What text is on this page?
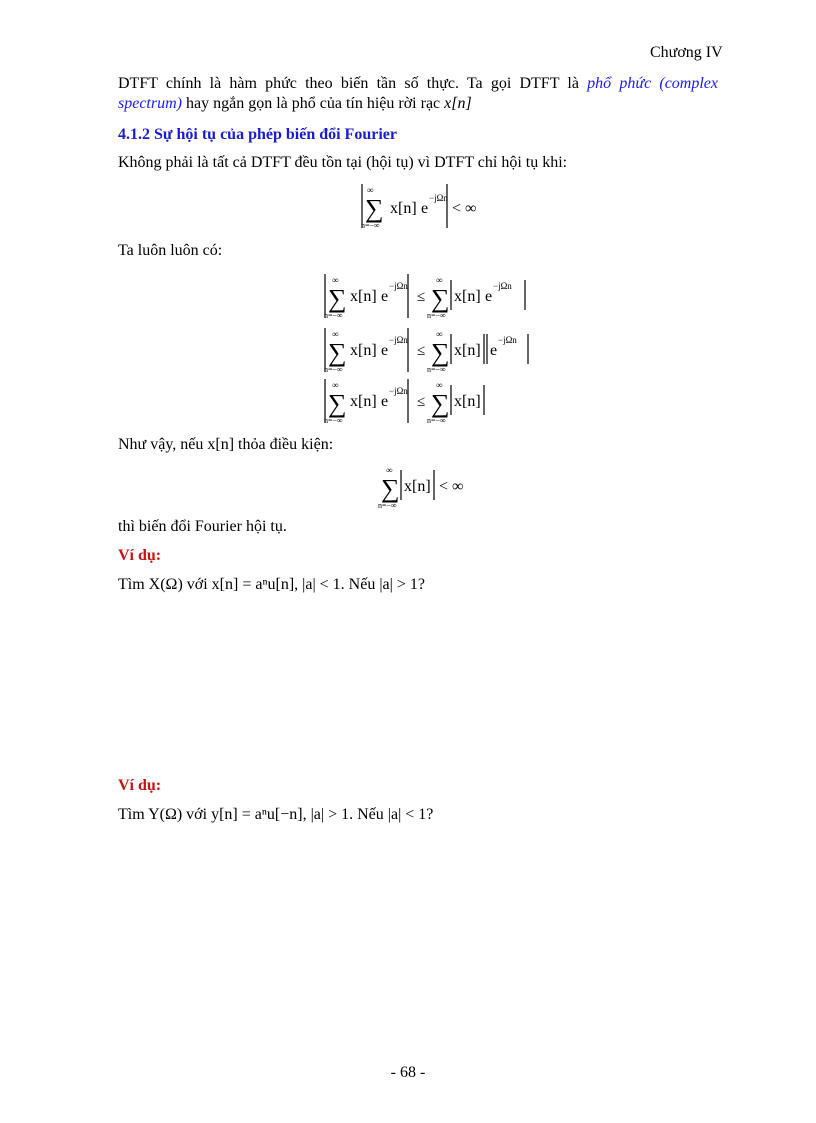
Chương IV
DTFT chính là hàm phức theo biến tần số thực. Ta gọi DTFT là phổ phức (complex spectrum) hay ngắn gọn là phổ của tín hiệu rời rạc x[n]
4.1.2 Sự hội tụ của phép biến đổi Fourier
Không phải là tất cả DTFT đều tồn tại (hội tụ) vì DTFT chỉ hội tụ khi:
∞
∑
n=−∞
x[n] e
−jΩn
< ∞
Ta luôn luôn có:
∞
∑
n=−∞
x[n] e
−jΩn
≤
∞
∑
n=−∞
x[n] e
−jΩn
∞
∑
n=−∞
x[n] e
−jΩn
≤
∞
∑
n=−∞
x[n] e
−jΩn
∞
∑
n=−∞
x[n] e
−jΩn
≤
∞
∑
n=−∞
x[n]
Như vậy, nếu x[n] thỏa điều kiện:
∞
∑
n=−∞
x[n] < ∞
thì biến đổi Fourier hội tụ.
Ví dụ:
Tìm X(Ω) với x[n] = aⁿu[n], |a| < 1. Nếu |a| > 1?
Ví dụ:
Tìm Y(Ω) với y[n] = aⁿu[−n], |a| > 1. Nếu |a| < 1?
- 68 -
